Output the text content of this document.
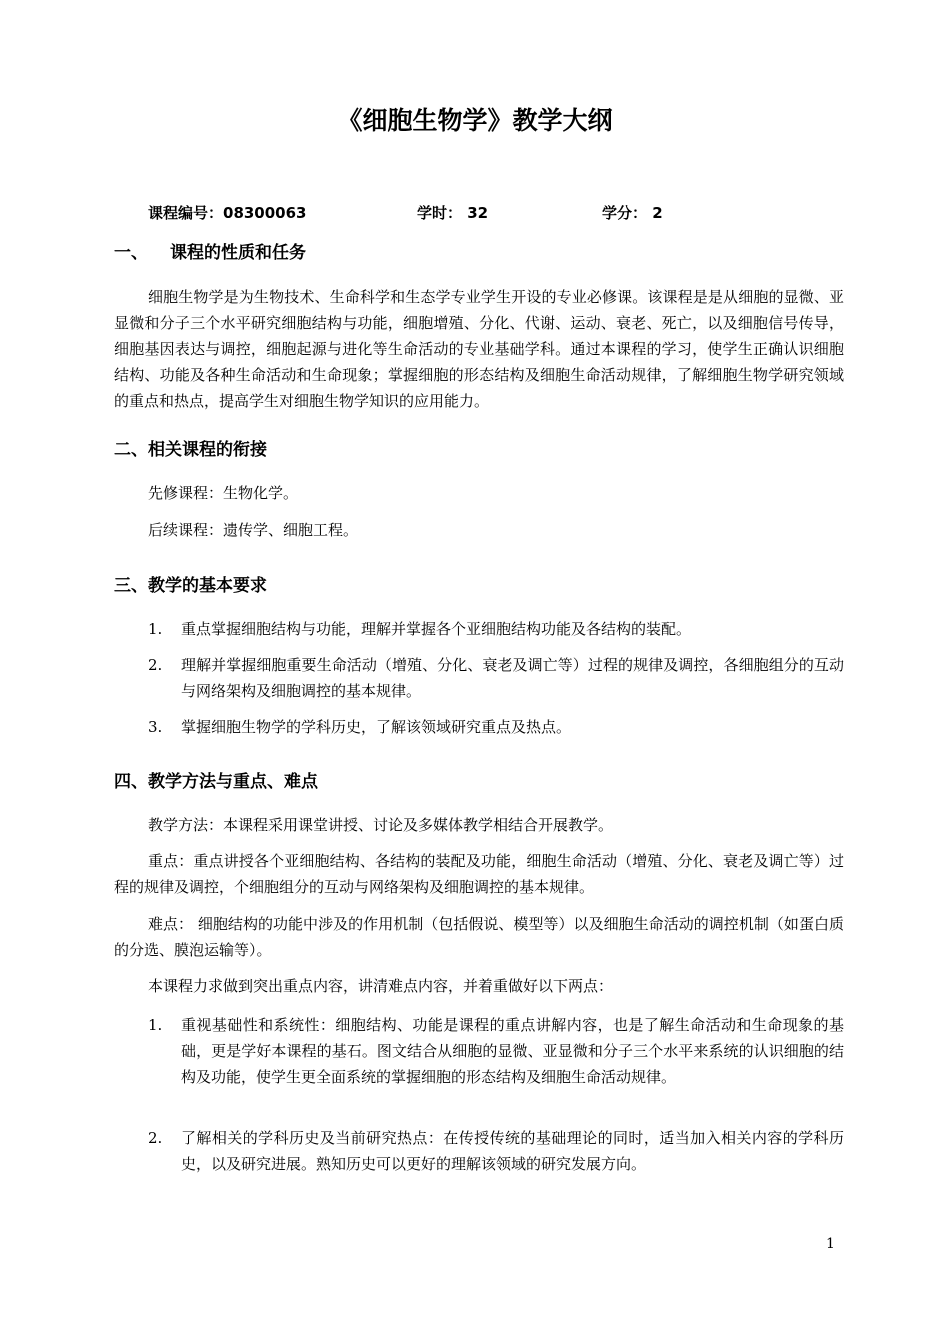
《细胞生物学》教学大纲
课程编号：08300063	学时： 32	学分： 2
一、 课程的性质和任务
细胞生物学是为生物技术、生命科学和生态学专业学生开设的专业必修课。该课程是是从细胞的显微、亚显微和分子三个水平研究细胞结构与功能，细胞增殖、分化、代谢、运动、衰老、死亡，以及细胞信号传导，细胞基因表达与调控，细胞起源与进化等生命活动的专业基础学科。通过本课程的学习，使学生正确认识细胞结构、功能及各种生命活动和生命现象；掌握细胞的形态结构及细胞生命活动规律，了解细胞生物学研究领域的重点和热点，提高学生对细胞生物学知识的应用能力。
二、相关课程的衔接
先修课程：生物化学。
后续课程：遗传学、细胞工程。
三、教学的基本要求
1. 重点掌握细胞结构与功能，理解并掌握各个亚细胞结构功能及各结构的装配。
2. 理解并掌握细胞重要生命活动（增殖、分化、衰老及调亡等）过程的规律及调控，各细胞组分的互动与网络架构及细胞调控的基本规律。
3. 掌握细胞生物学的学科历史，了解该领域研究重点及热点。
四、教学方法与重点、难点
教学方法：本课程采用课堂讲授、讨论及多媒体教学相结合开展教学。
重点：重点讲授各个亚细胞结构、各结构的装配及功能，细胞生命活动（增殖、分化、衰老及调亡等）过程的规律及调控，个细胞组分的互动与网络架构及细胞调控的基本规律。
难点： 细胞结构的功能中涉及的作用机制（包括假说、模型等）以及细胞生命活动的调控机制（如蛋白质的分选、膜泡运输等）。
本课程力求做到突出重点内容，讲清难点内容，并着重做好以下两点：
1. 重视基础性和系统性：细胞结构、功能是课程的重点讲解内容，也是了解生命活动和生命现象的基础，更是学好本课程的基石。图文结合从细胞的显微、亚显微和分子三个水平来系统的认识细胞的结构及功能，使学生更全面系统的掌握细胞的形态结构及细胞生命活动规律。
2. 了解相关的学科历史及当前研究热点：在传授传统的基础理论的同时，适当加入相关内容的学科历史，以及研究进展。熟知历史可以更好的理解该领域的研究发展方向。
1
